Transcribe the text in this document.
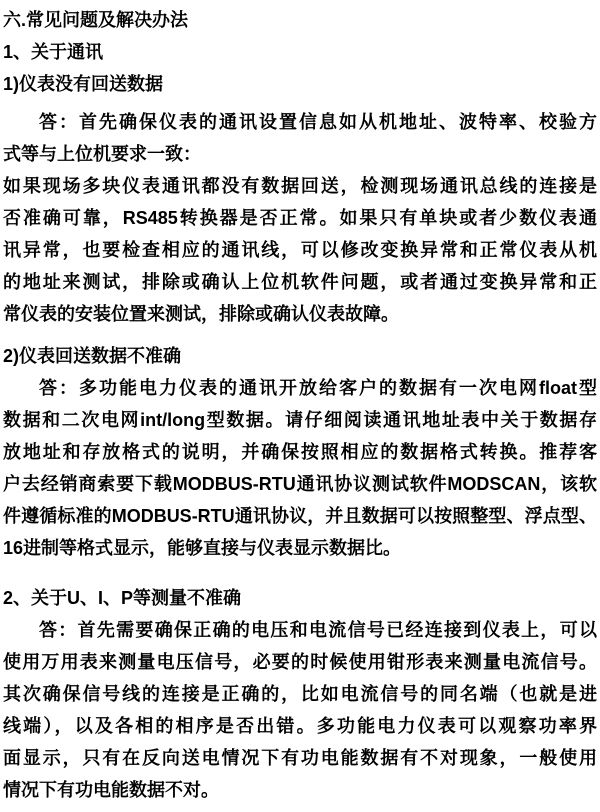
六.常见问题及解决办法
1、关于通讯
1)仪表没有回送数据
答：首先确保仪表的通讯设置信息如从机地址、波特率、校验方
式等与上位机要求一致：
如果现场多块仪表通讯都没有数据回送，检测现场通讯总线的连接是
否准确可靠，RS485转换器是否正常。如果只有单块或者少数仪表通
讯异常，也要检查相应的通讯线，可以修改变换异常和正常仪表从机
的地址来测试，排除或确认上位机软件问题，或者通过变换异常和正
常仪表的安装位置来测试，排除或确认仪表故障。
2)仪表回送数据不准确
答：多功能电力仪表的通讯开放给客户的数据有一次电网float型
数据和二次电网int/long型数据。请仔细阅读通讯地址表中关于数据存
放地址和存放格式的说明，并确保按照相应的数据格式转换。推荐客
户去经销商索要下载MODBUS-RTU通讯协议测试软件MODSCAN，该软
件遵循标准的MODBUS-RTU通讯协议，并且数据可以按照整型、浮点型、
16进制等格式显示，能够直接与仪表显示数据比。
2、关于U、I、P等测量不准确
答：首先需要确保正确的电压和电流信号已经连接到仪表上，可以
使用万用表来测量电压信号，必要的时候使用钳形表来测量电流信号。
其次确保信号线的连接是正确的，比如电流信号的同名端（也就是进
线端），以及各相的相序是否出错。多功能电力仪表可以观察功率界
面显示，只有在反向送电情况下有功电能数据有不对现象，一般使用
情况下有功电能数据不对。
